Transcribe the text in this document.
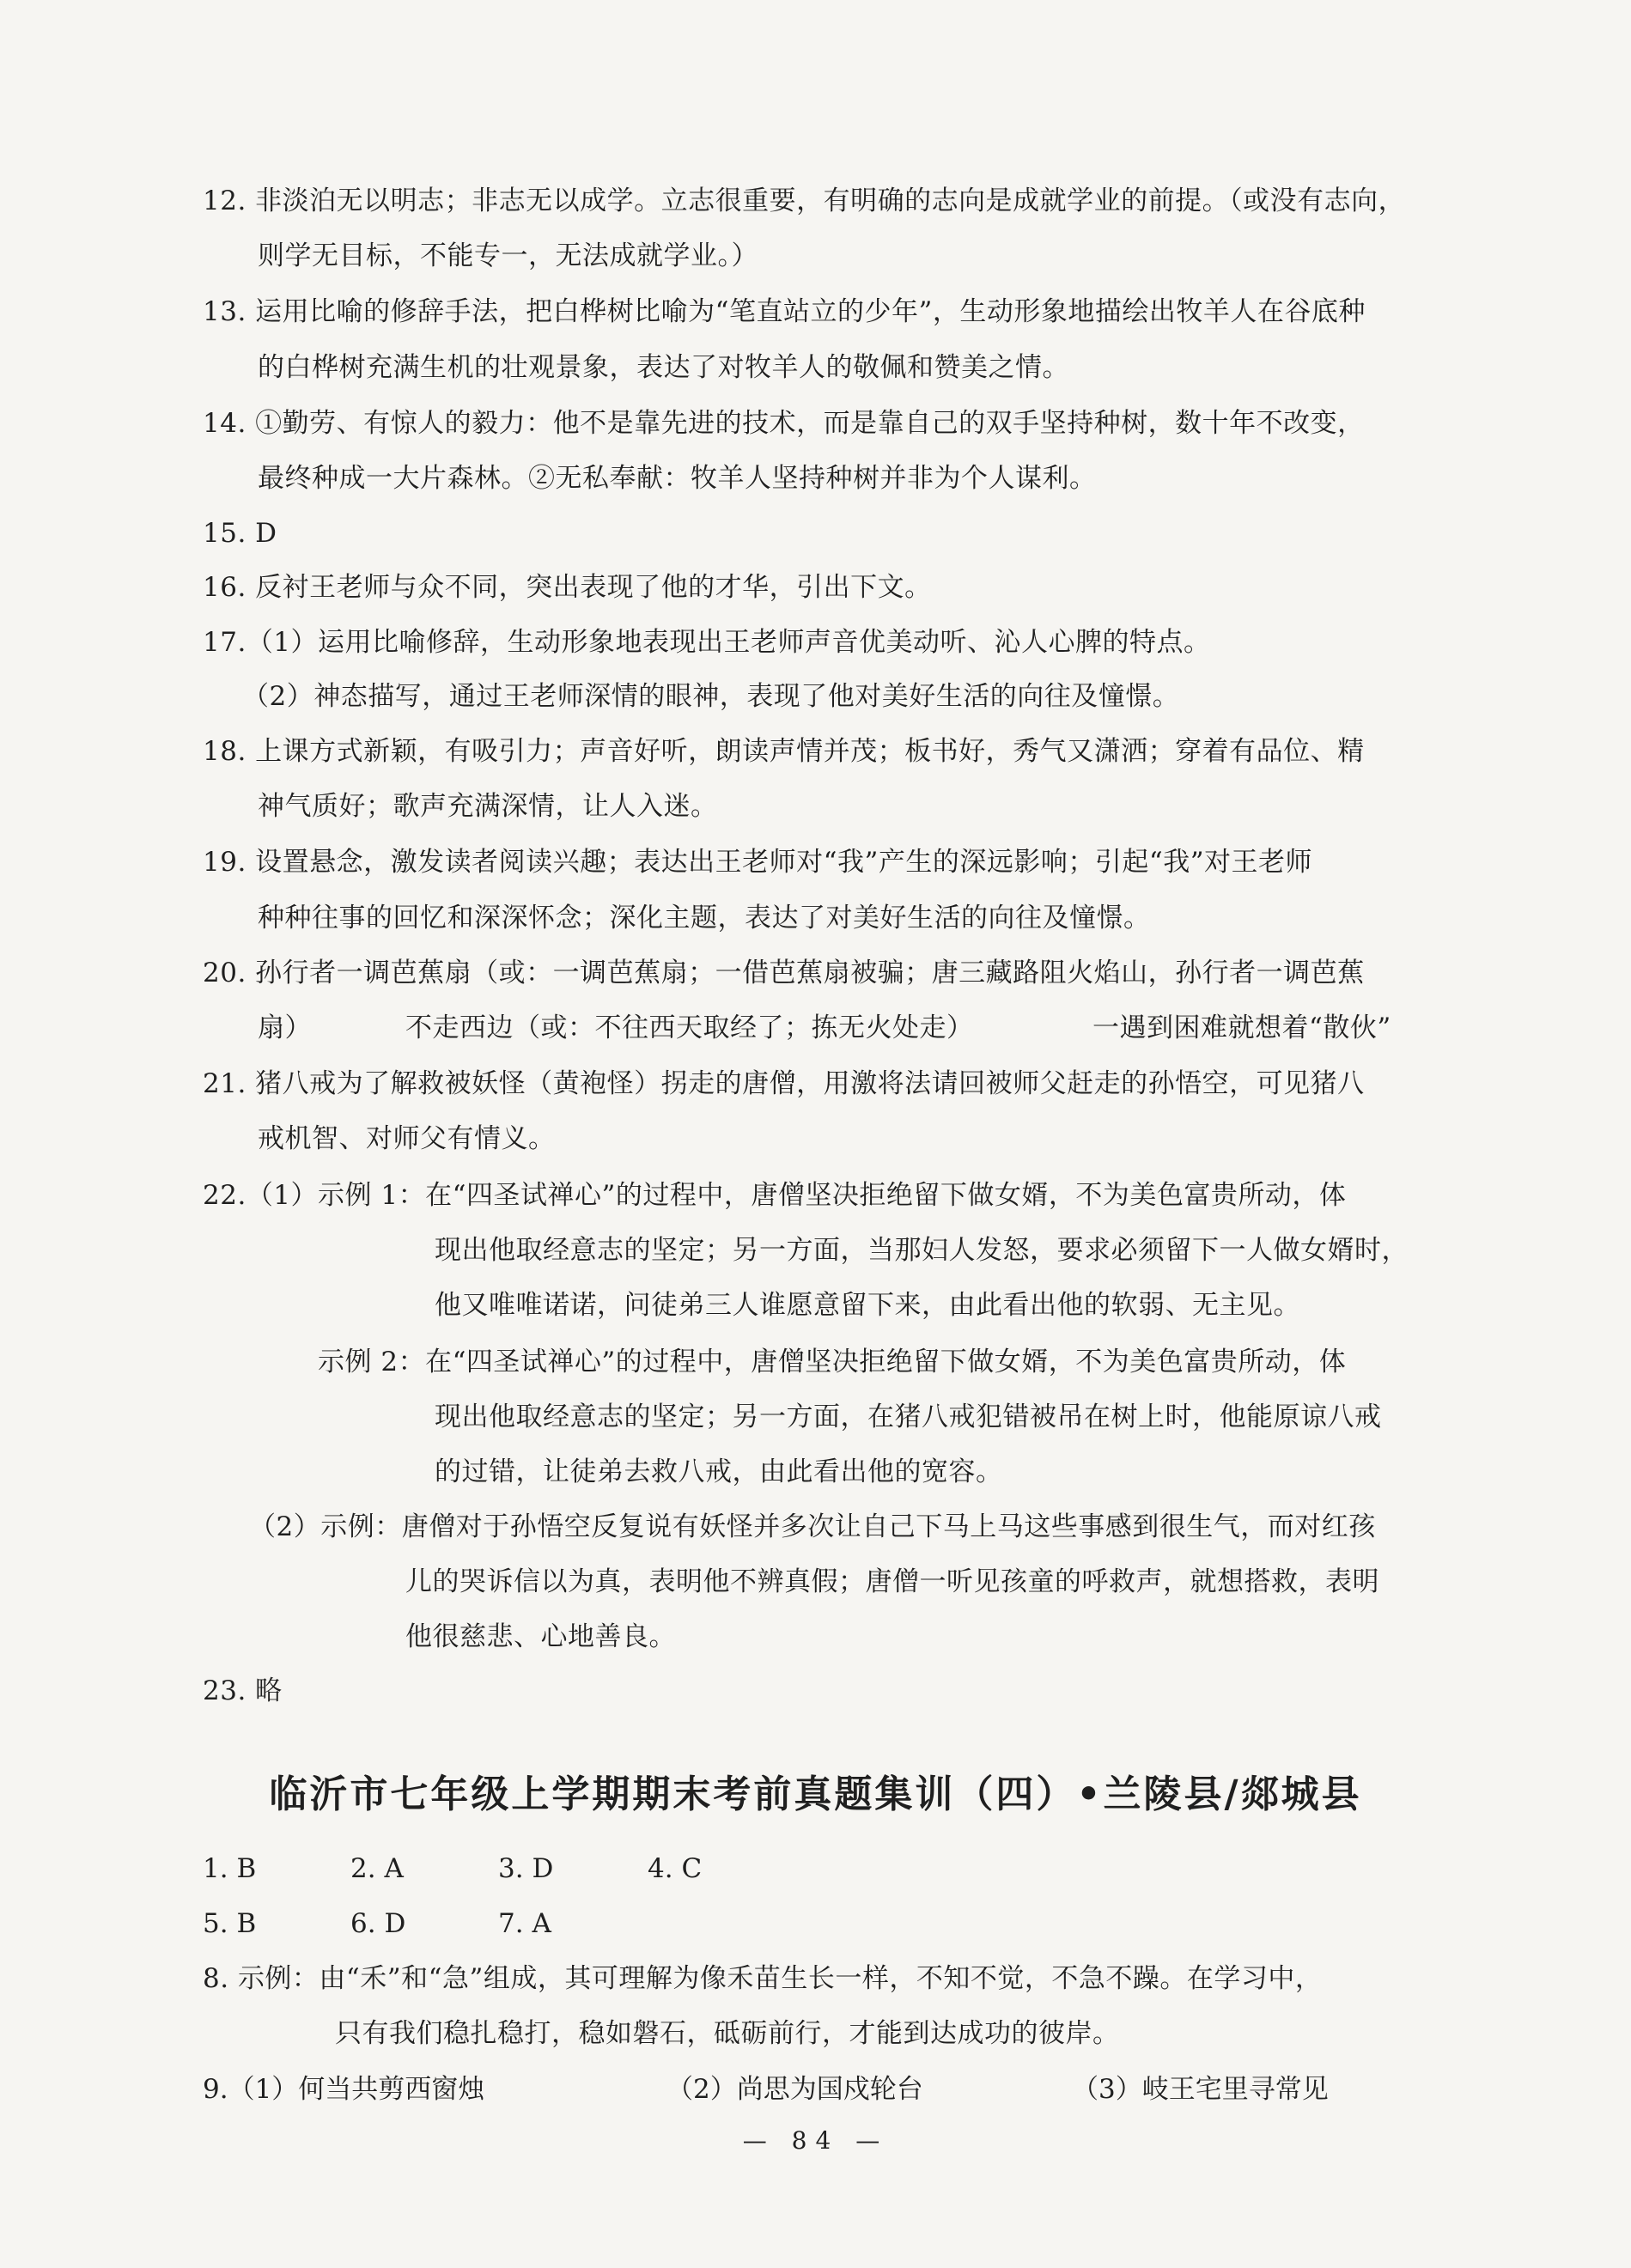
12. 非淡泊无以明志；非志无以成学。立志很重要，有明确的志向是成就学业的前提。（或没有志向，
则学无目标，不能专一，无法成就学业。）
13. 运用比喻的修辞手法，把白桦树比喻为“笔直站立的少年”，生动形象地描绘出牧羊人在谷底种
的白桦树充满生机的壮观景象，表达了对牧羊人的敬佩和赞美之情。
14. ①勤劳、有惊人的毅力：他不是靠先进的技术，而是靠自己的双手坚持种树，数十年不改变，
最终种成一大片森林。②无私奉献：牧羊人坚持种树并非为个人谋利。
15. D
16. 反衬王老师与众不同，突出表现了他的才华，引出下文。
17.（1）运用比喻修辞，生动形象地表现出王老师声音优美动听、沁人心脾的特点。
（2）神态描写，通过王老师深情的眼神，表现了他对美好生活的向往及憧憬。
18. 上课方式新颖，有吸引力；声音好听，朗读声情并茂；板书好，秀气又潇洒；穿着有品位、精
神气质好；歌声充满深情，让人入迷。
19. 设置悬念，激发读者阅读兴趣；表达出王老师对“我”产生的深远影响；引起“我”对王老师
种种往事的回忆和深深怀念；深化主题，表达了对美好生活的向往及憧憬。
20. 孙行者一调芭蕉扇（或：一调芭蕉扇；一借芭蕉扇被骗；唐三藏路阻火焰山，孙行者一调芭蕉
扇）	不走西边（或：不往西天取经了；拣无火处走）	一遇到困难就想着“散伙”
21. 猪八戒为了解救被妖怪（黄袍怪）拐走的唐僧，用激将法请回被师父赶走的孙悟空，可见猪八
戒机智、对师父有情义。
22.（1）示例 1：在“四圣试禅心”的过程中，唐僧坚决拒绝留下做女婿，不为美色富贵所动，体
现出他取经意志的坚定；另一方面，当那妇人发怒，要求必须留下一人做女婿时，
他又唯唯诺诺，问徒弟三人谁愿意留下来，由此看出他的软弱、无主见。
示例 2：在“四圣试禅心”的过程中，唐僧坚决拒绝留下做女婿，不为美色富贵所动，体
现出他取经意志的坚定；另一方面，在猪八戒犯错被吊在树上时，他能原谅八戒
的过错，让徒弟去救八戒，由此看出他的宽容。
（2）示例：唐僧对于孙悟空反复说有妖怪并多次让自己下马上马这些事感到很生气，而对红孩
儿的哭诉信以为真，表明他不辨真假；唐僧一听见孩童的呼救声，就想搭救，表明
他很慈悲、心地善良。
23. 略
临沂市七年级上学期期末考前真题集训（四）•兰陵县/郯城县
1. B	2. A	3. D	4. C
5. B	6. D	7. A
8. 示例：由“禾”和“急”组成，其可理解为像禾苗生长一样，不知不觉，不急不躁。在学习中，
只有我们稳扎稳打，稳如磐石，砥砺前行，才能到达成功的彼岸。
9.（1）何当共剪西窗烛	（2）尚思为国戍轮台	（3）岐王宅里寻常见
— 84 —
